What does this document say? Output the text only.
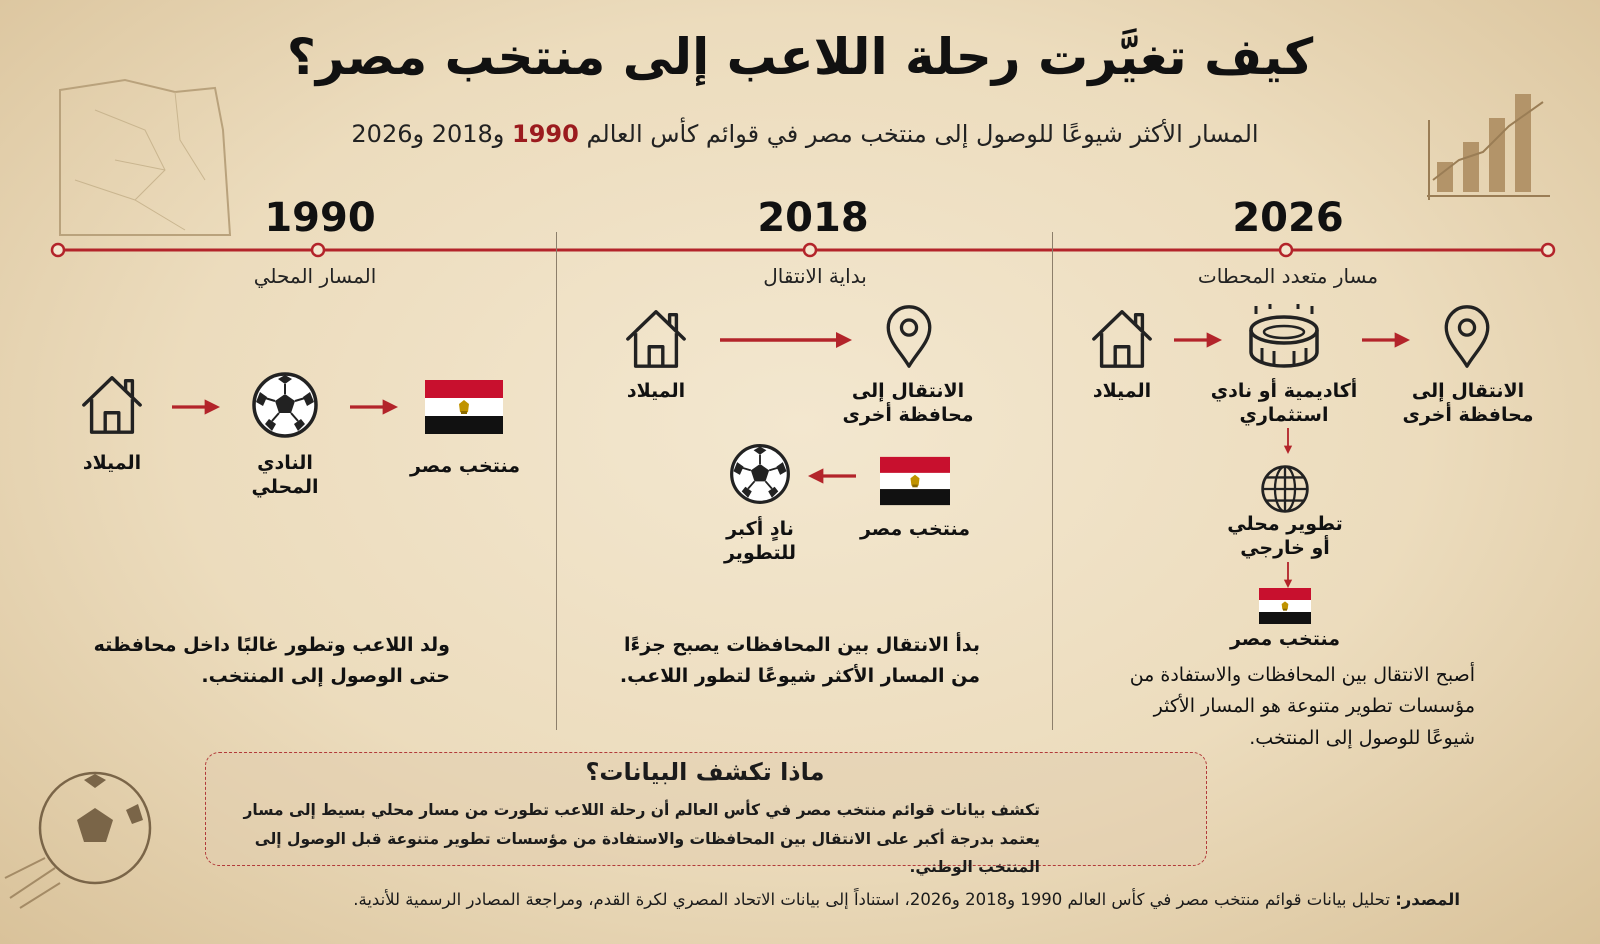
كيف تغيَّرت رحلة اللاعب إلى منتخب مصر؟
المسار الأكثر شيوعًا للوصول إلى منتخب مصر في قوائم كأس العالم 1990 و2018 و2026
1990	2018	2026
المسار المحلي	بداية الانتقال	مسار متعدد المحطات
الميلاد	النادي المحلي
منتخب مصر
ولد اللاعب وتطور غالبًا داخل محافظته حتى الوصول إلى المنتخب.
الميلاد	الانتقال إلى محافظة أخرى
منتخب مصر
نادٍ أكبر للتطوير
بدأ الانتقال بين المحافظات يصبح جزءًا من المسار الأكثر شيوعًا لتطور اللاعب.
الميلاد	أكاديمية أو نادي استثماري
الانتقال إلى محافظة أخرى
تطوير محلي أو خارجي
منتخب مصر
أصبح الانتقال بين المحافظات والاستفادة من مؤسسات تطوير متنوعة هو المسار الأكثر شيوعًا للوصول إلى المنتخب.
ماذا تكشف البيانات؟
تكشف بيانات قوائم منتخب مصر في كأس العالم أن رحلة اللاعب تطورت من مسار محلي بسيط إلى مسار يعتمد بدرجة أكبر على الانتقال بين المحافظات والاستفادة من مؤسسات تطوير متنوعة قبل الوصول إلى المنتخب الوطني.
المصدر: تحليل بيانات قوائم منتخب مصر في كأس العالم 1990 و2018 و2026، استناداً إلى بيانات الاتحاد المصري لكرة القدم، ومراجعة المصادر الرسمية للأندية.
